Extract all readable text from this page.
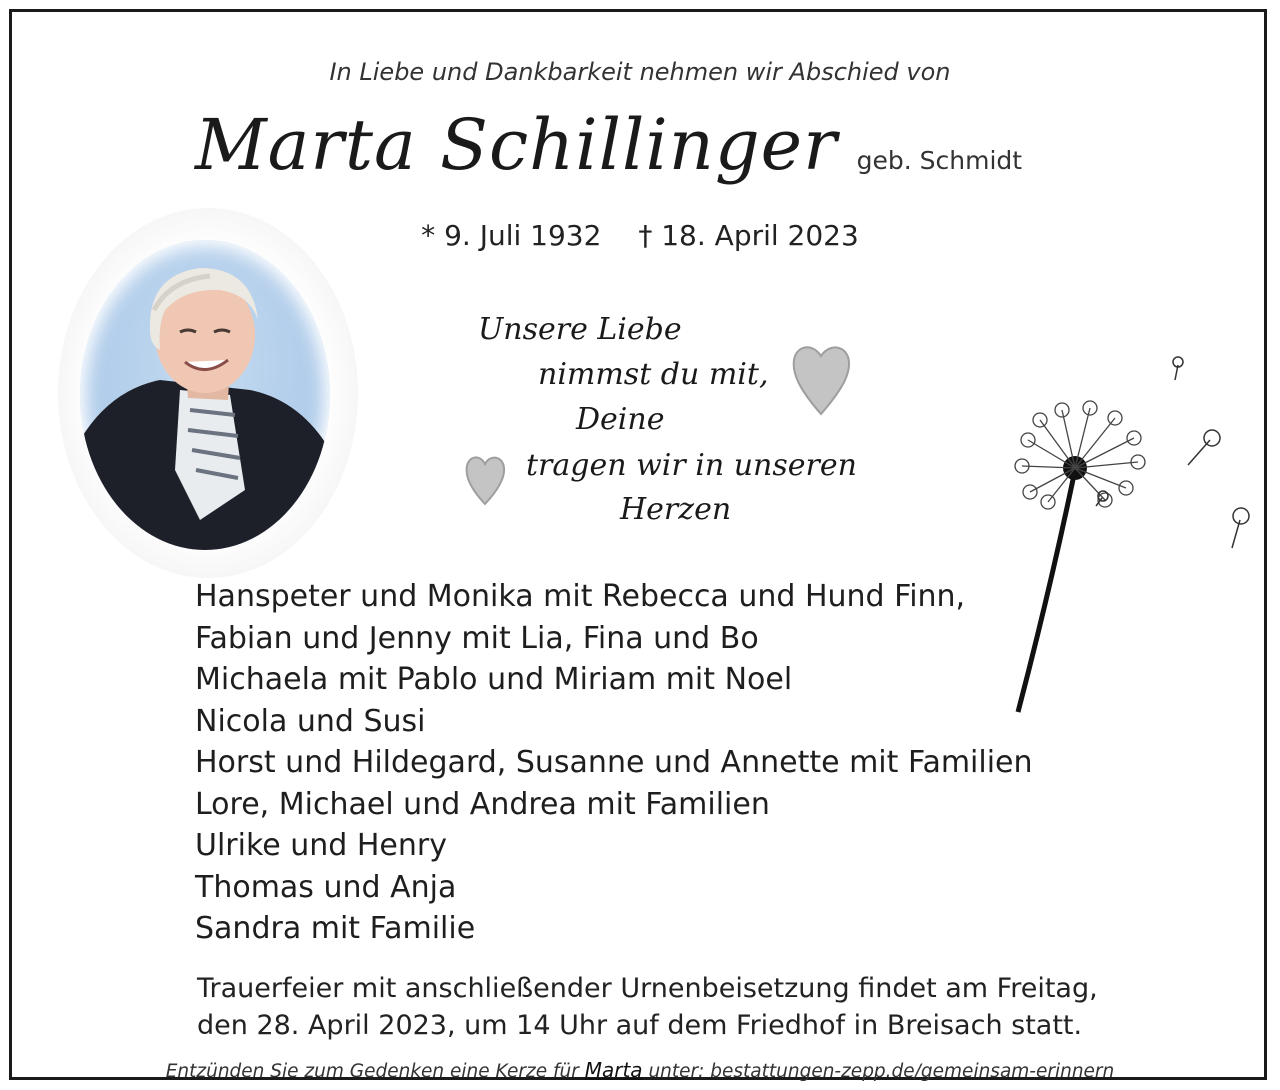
In Liebe und Dankbarkeit nehmen wir Abschied von
Marta Schillinger geb. Schmidt
* 9. Juli 1932 † 18. April 2023
Unsere Liebe
nimmst du mit,
Deine
tragen wir in unseren
Herzen
Hanspeter und Monika mit Rebecca und Hund Finn,
Fabian und Jenny mit Lia, Fina und Bo
Michaela mit Pablo und Miriam mit Noel
Nicola und Susi
Horst und Hildegard, Susanne und Annette mit Familien
Lore, Michael und Andrea mit Familien
Ulrike und Henry
Thomas und Anja
Sandra mit Familie
Trauerfeier mit anschließender Urnenbeisetzung findet am Freitag,
den 28. April 2023, um 14 Uhr auf dem Friedhof in Breisach statt.
Entzünden Sie zum Gedenken eine Kerze für Marta unter: bestattungen-zepp.de/gemeinsam-erinnern
